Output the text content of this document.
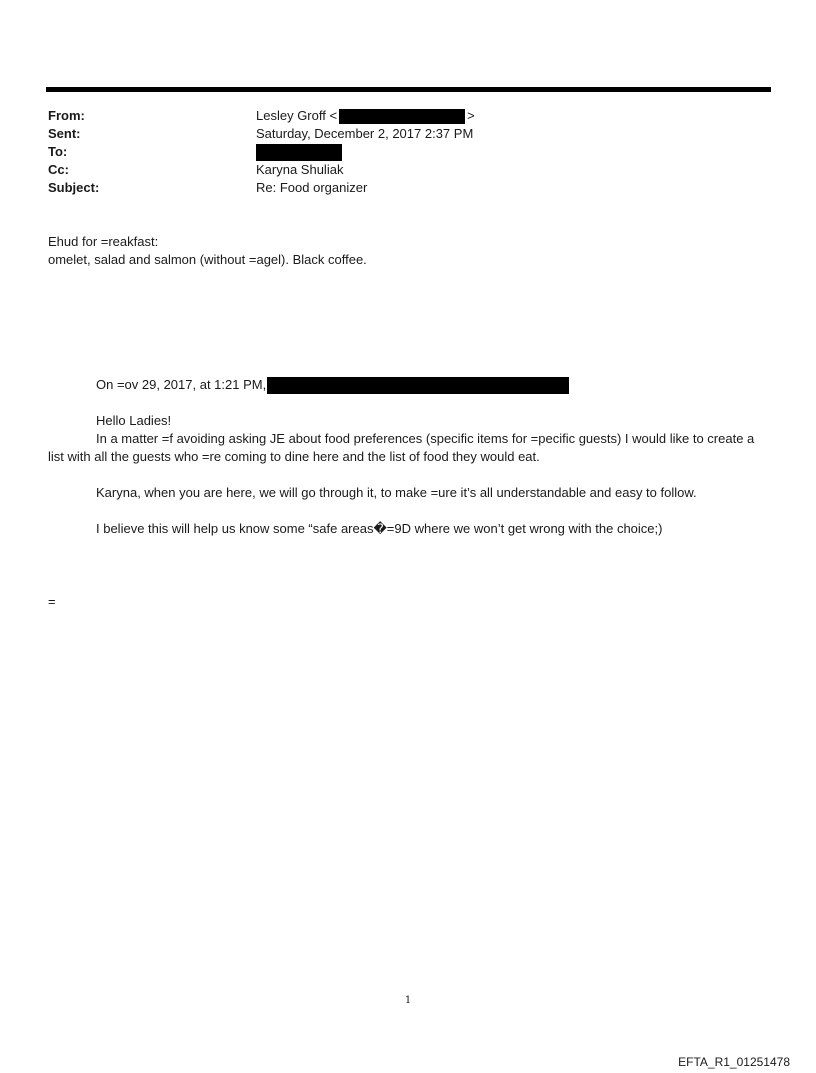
From:	Lesley Groff <	>
Sent:	Saturday, December 2, 2017 2:37 PM
To:
Cc:	Karyna Shuliak
Subject:	Re: Food organizer
Ehud for =reakfast:
omelet, salad and salmon (without =agel). Black coffee.
On =ov 29, 2017, at 1:21 PM,
Hello Ladies!
In a matter =f avoiding asking JE about food preferences (specific items for =pecific guests) I would like to create a list with all the guests who =re coming to dine here and the list of food they would eat.
Karyna, when you are here, we will go through it, to make =ure it’s all understandable and easy to follow.
I believe this will help us know some “safe areas�=9D where we won’t get wrong with the choice;)
=
1
EFTA_R1_01251478
